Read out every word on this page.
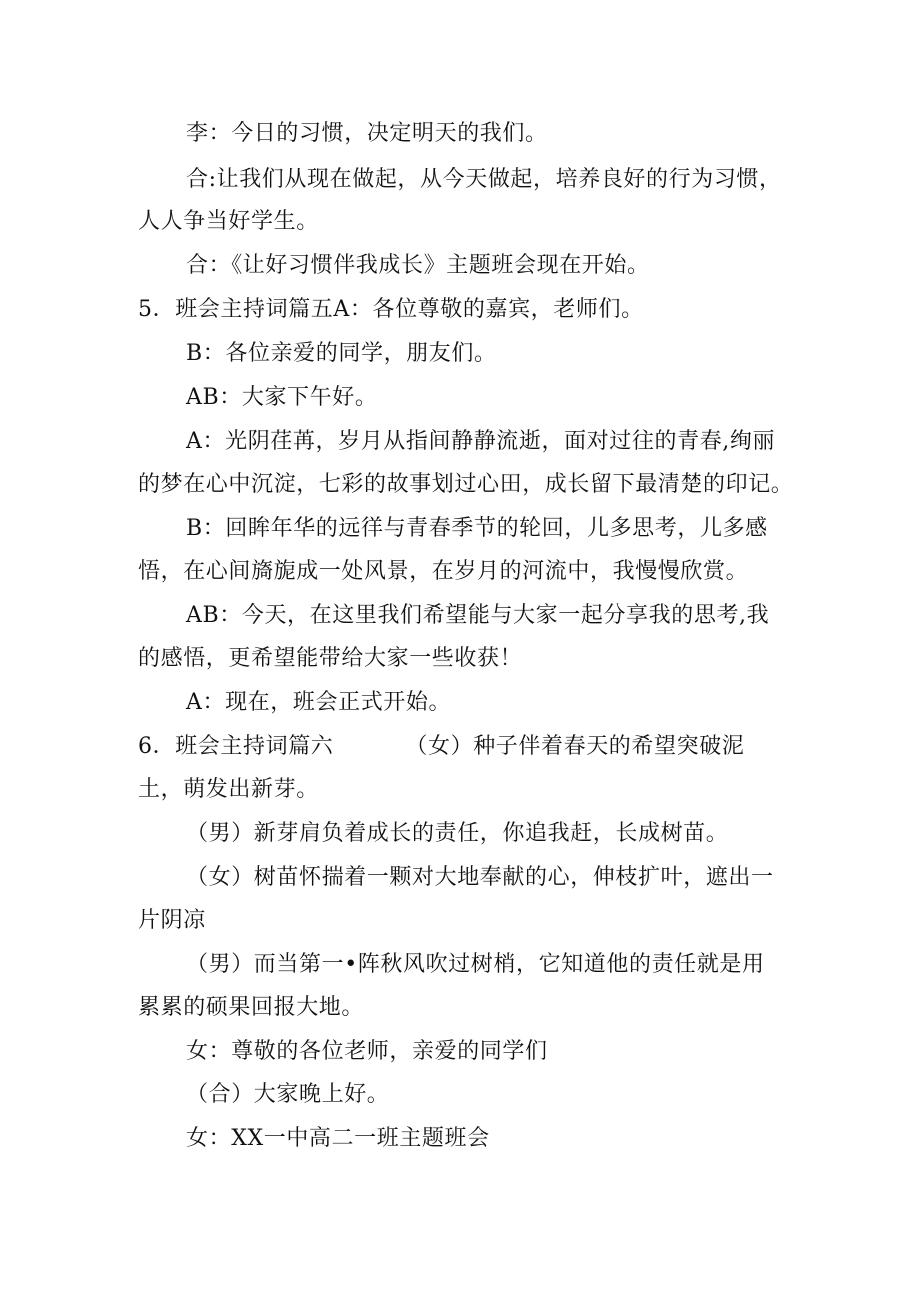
李：今日的习惯，决定明天的我们。
合:让我们从现在做起，从今天做起，培养良好的行为习惯，
人人争当好学生。
合：《让好习惯伴我成长》主题班会现在开始。
5．班会主持词篇五A：各位尊敬的嘉宾，老师们。
B：各位亲爱的同学，朋友们。
AB：大家下午好。
A：光阴荏苒，岁月从指间静静流逝，面对过往的青春,绚丽
的梦在心中沉淀，七彩的故事划过心田，成长留下最清楚的印记。
B：回眸年华的远徉与青春季节的轮回，儿多思考，儿多感
悟，在心间旖旎成一处风景，在岁月的河流中，我慢慢欣赏。
AB：今天，在这里我们希望能与大家一起分享我的思考,我
的感悟，更希望能带给大家一些收获！
A：现在，班会正式开始。
6．班会主持词篇六	（女）种子伴着春天的希望突破泥
土，萌发出新芽。
（男）新芽肩负着成长的责任，你追我赶，长成树苗。
（女）树苗怀揣着一颗对大地奉献的心，伸枝扩叶，遮出一
片阴凉
（男）而当第一•阵秋风吹过树梢，它知道他的责任就是用
累累的硕果回报大地。
女：尊敬的各位老师，亲爱的同学们
（合）大家晚上好。
女：XX一中高二一班主题班会
